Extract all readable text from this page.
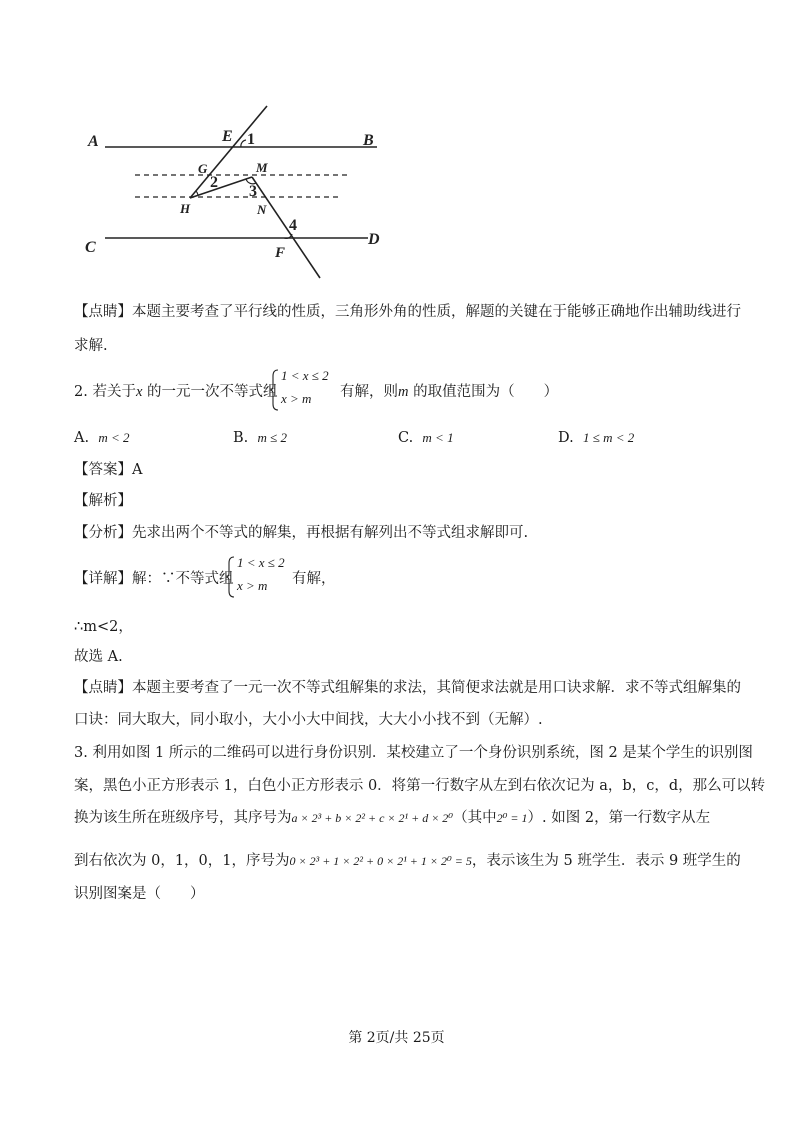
A	B
C	D
E
F
G
H
M
N
1
2
3
4
【点睛】本题主要考查了平行线的性质，三角形外角的性质，解题的关键在于能够正确地作出辅助线进行
求解.
2. 若关于x 的一元一次不等式组
1 < x ≤ 2
x > m 有解，则m 的取值范围为（　　）
A. m < 2	B. m ≤ 2	C. m < 1	D. 1 ≤ m < 2
【答案】A
【解析】
【分析】先求出两个不等式的解集，再根据有解列出不等式组求解即可.
【详解】解：∵不等式组
1 < x ≤ 2
x > m 有解，
∴m<2，
故选 A.
【点睛】本题主要考查了一元一次不等式组解集的求法，其简便求法就是用口诀求解．求不等式组解集的
口诀：同大取大，同小取小，大小小大中间找，大大小小找不到（无解）.
3. 利用如图 1 所示的二维码可以进行身份识别．某校建立了一个身份识别系统，图 2 是某个学生的识别图
案，黑色小正方形表示 1，白色小正方形表示 0．将第一行数字从左到右依次记为 a，b，c，d，那么可以转
换为该生所在班级序号，其序号为a × 2³ + b × 2² + c × 2¹ + d × 2⁰（其中2⁰ = 1）. 如图 2，第一行数字从左
到右依次为 0，1，0，1，序号为0 × 2³ + 1 × 2² + 0 × 2¹ + 1 × 2⁰ = 5，表示该生为 5 班学生．表示 9 班学生的
识别图案是（　　）
第 2页/共 25页
